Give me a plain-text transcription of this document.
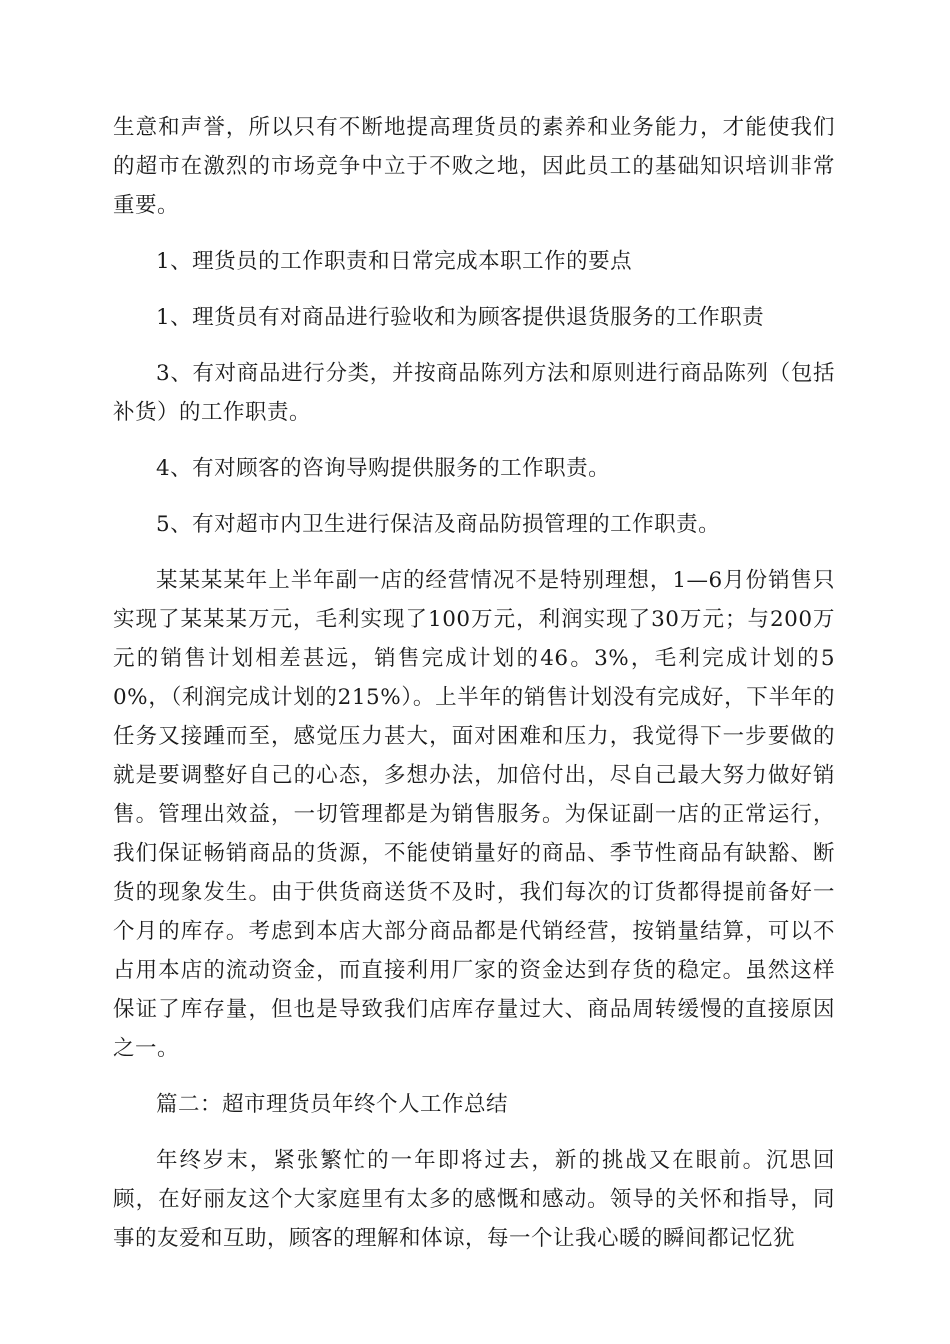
生意和声誉，所以只有不断地提高理货员的素养和业务能力，才能使我们的超市在激烈的市场竞争中立于不败之地，因此员工的基础知识培训非常重要。

1、理货员的工作职责和日常完成本职工作的要点

1、理货员有对商品进行验收和为顾客提供退货服务的工作职责

3、有对商品进行分类，并按商品陈列方法和原则进行商品陈列（包括补货）的工作职责。

4、有对顾客的咨询导购提供服务的工作职责。

5、有对超市内卫生进行保洁及商品防损管理的工作职责。

某某某某年上半年副一店的经营情况不是特别理想，1—6月份销售只实现了某某某万元，毛利实现了100万元，利润实现了30万元；与200万元的销售计划相差甚远，销售完成计划的46。3%，毛利完成计划的50%，（利润完成计划的215%）。上半年的销售计划没有完成好，下半年的任务又接踵而至，感觉压力甚大，面对困难和压力，我觉得下一步要做的就是要调整好自己的心态，多想办法，加倍付出，尽自己最大努力做好销售。管理出效益，一切管理都是为销售服务。为保证副一店的正常运行，我们保证畅销商品的货源，不能使销量好的商品、季节性商品有缺豁、断货的现象发生。由于供货商送货不及时，我们每次的订货都得提前备好一个月的库存。考虑到本店大部分商品都是代销经营，按销量结算，可以不占用本店的流动资金，而直接利用厂家的资金达到存货的稳定。虽然这样保证了库存量，但也是导致我们店库存量过大、商品周转缓慢的直接原因之一。

篇二：超市理货员年终个人工作总结

年终岁末，紧张繁忙的一年即将过去，新的挑战又在眼前。沉思回顾，在好丽友这个大家庭里有太多的感慨和感动。领导的关怀和指导，同事的友爱和互助，顾客的理解和体谅，每一个让我心暖的瞬间都记忆犹
